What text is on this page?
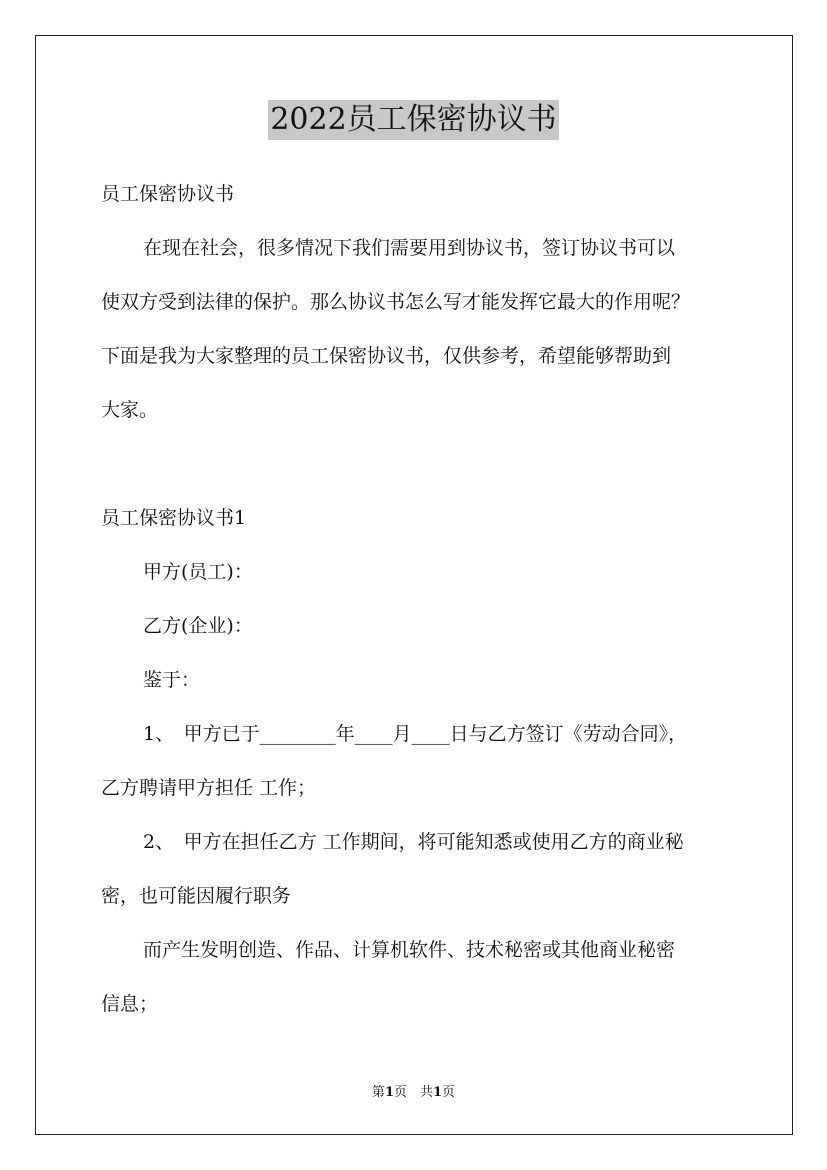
2022员工保密协议书
员工保密协议书
在现在社会，很多情况下我们需要用到协议书，签订协议书可以
使双方受到法律的保护。那么协议书怎么写才能发挥它最大的作用呢？
下面是我为大家整理的员工保密协议书，仅供参考，希望能够帮助到
大家。
员工保密协议书1
甲方(员工)：
乙方(企业)：
鉴于：
1、　甲方已于________年____月____日与乙方签订《劳动合同》，
乙方聘请甲方担任 工作；
2、　甲方在担任乙方 工作期间，将可能知悉或使用乙方的商业秘
密，也可能因履行职务
而产生发明创造、作品、计算机软件、技术秘密或其他商业秘密
信息；
第1页　共1页
